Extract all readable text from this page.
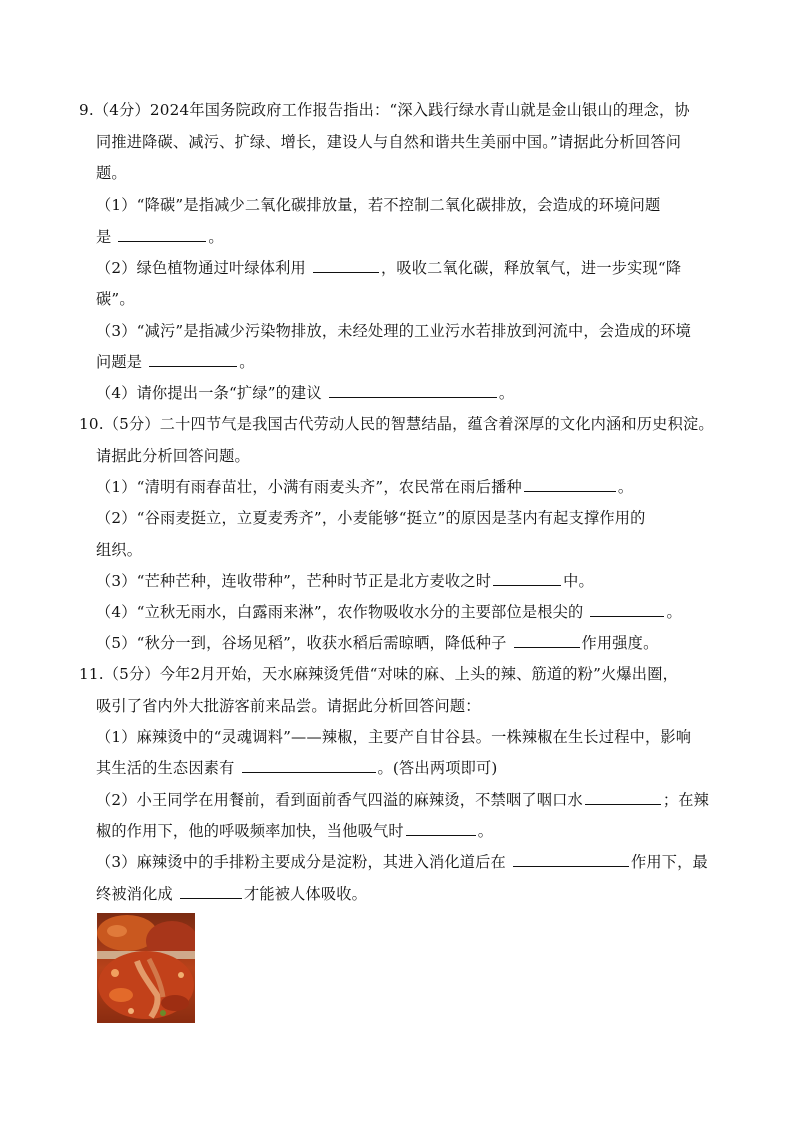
9.（4分）2024年国务院政府工作报告指出：“深入践行绿水青山就是金山银山的理念，协
同推进降碳、减污、扩绿、增长，建设人与自然和谐共生美丽中国。”请据此分析回答问
题。
（1）“降碳”是指减少二氧化碳排放量，若不控制二氧化碳排放，会造成的环境问题
是	。
（2）绿色植物通过叶绿体利用	，吸收二氧化碳，释放氧气，进一步实现“降
碳”。
（3）“减污”是指减少污染物排放，未经处理的工业污水若排放到河流中，会造成的环境
问题是	。
（4）请你提出一条“扩绿”的建议	。
10.（5分）二十四节气是我国古代劳动人民的智慧结晶，蕴含着深厚的文化内涵和历史积淀。
请据此分析回答问题。
（1）“清明有雨春苗壮，小满有雨麦头齐”，农民常在雨后播种	。
（2）“谷雨麦挺立，立夏麦秀齐”，小麦能够“挺立”的原因是茎内有起支撑作用的
组织。
（3）“芒种芒种，连收带种”，芒种时节正是北方麦收之时	中。
（4）“立秋无雨水，白露雨来淋”，农作物吸收水分的主要部位是根尖的	。
（5）“秋分一到，谷场见稻”，收获水稻后需晾晒，降低种子	作用强度。
11.（5分）今年2月开始，天水麻辣烫凭借“对味的麻、上头的辣、筋道的粉”火爆出圈，
吸引了省内外大批游客前来品尝。请据此分析回答问题：
（1）麻辣烫中的“灵魂调料”——辣椒，主要产自甘谷县。一株辣椒在生长过程中，影响
其生活的生态因素有	。(答出两项即可)
（2）小王同学在用餐前，看到面前香气四溢的麻辣烫，不禁咽了咽口水	；在辣
椒的作用下，他的呼吸频率加快，当他吸气时	。
（3）麻辣烫中的手排粉主要成分是淀粉，其进入消化道后在	作用下，最
终被消化成	才能被人体吸收。
